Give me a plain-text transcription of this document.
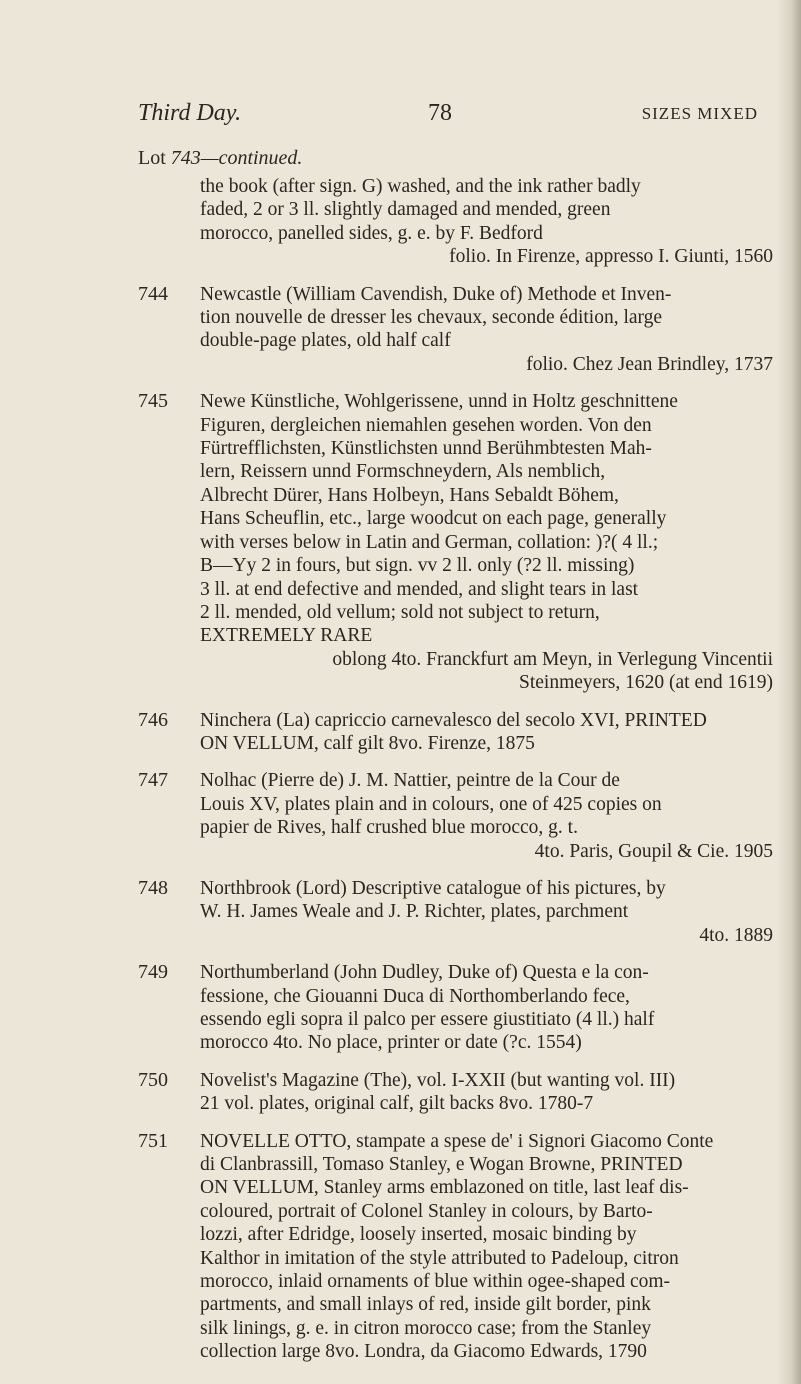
Third Day.	78	SIZES MIXED
Lot 743—continued.
the book (after sign. G) washed, and the ink rather badly
faded, 2 or 3 ll. slightly damaged and mended, green
morocco, panelled sides, g. e. by F. Bedford
folio. In Firenze, appresso I. Giunti, 1560
744 Newcastle (William Cavendish, Duke of) Methode et Inven-
tion nouvelle de dresser les chevaux, seconde édition, large
double-page plates, old half calf
folio. Chez Jean Brindley, 1737
745 Newe Künstliche, Wohlgerissene, unnd in Holtz geschnittene
Figuren, dergleichen niemahlen gesehen worden. Von den
Fürtrefflichsten, Künstlichsten unnd Berühmbtesten Mah-
lern, Reissern unnd Formschneydern, Als nemblich,
Albrecht Dürer, Hans Holbeyn, Hans Sebaldt Böhem,
Hans Scheuflin, etc., large woodcut on each page, generally
with verses below in Latin and German, collation: )?( 4 ll.;
B—Yy 2 in fours, but sign. vv 2 ll. only (?2 ll. missing)
3 ll. at end defective and mended, and slight tears in last
2 ll. mended, old vellum; sold not subject to return,
EXTREMELY RARE
oblong 4to. Franckfurt am Meyn, in Verlegung Vincentii
Steinmeyers, 1620 (at end 1619)
746 Ninchera (La) capriccio carnevalesco del secolo XVI, PRINTED
ON VELLUM, calf gilt 8vo. Firenze, 1875
747 Nolhac (Pierre de) J. M. Nattier, peintre de la Cour de
Louis XV, plates plain and in colours, one of 425 copies on
papier de Rives, half crushed blue morocco, g. t.
4to. Paris, Goupil & Cie. 1905
748 Northbrook (Lord) Descriptive catalogue of his pictures, by
W. H. James Weale and J. P. Richter, plates, parchment
4to. 1889
749 Northumberland (John Dudley, Duke of) Questa e la con-
fessione, che Giouanni Duca di Northomberlando fece,
essendo egli sopra il palco per essere giustitiato (4 ll.) half
morocco 4to. No place, printer or date (?c. 1554)
750 Novelist's Magazine (The), vol. I-XXII (but wanting vol. III)
21 vol. plates, original calf, gilt backs 8vo. 1780-7
751 NOVELLE OTTO, stampate a spese de' i Signori Giacomo Conte
di Clanbrassill, Tomaso Stanley, e Wogan Browne, PRINTED
ON VELLUM, Stanley arms emblazoned on title, last leaf dis-
coloured, portrait of Colonel Stanley in colours, by Barto-
lozzi, after Edridge, loosely inserted, mosaic binding by
Kalthor in imitation of the style attributed to Padeloup, citron
morocco, inlaid ornaments of blue within ogee-shaped com-
partments, and small inlays of red, inside gilt border, pink
silk linings, g. e. in citron morocco case; from the Stanley
collection large 8vo. Londra, da Giacomo Edwards, 1790
